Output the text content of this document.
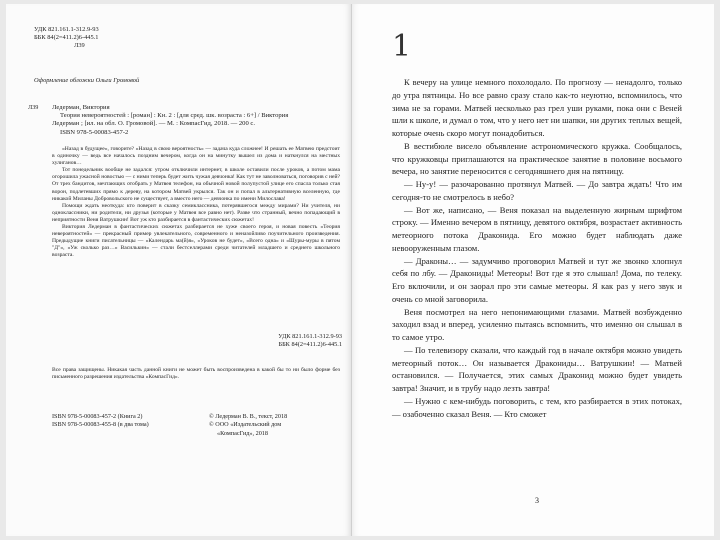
УДК 821.161.1-312.9-93
ББК 84(2=411.2)6-445.1
Л39
Оформление обложки Ольги Громовой
Л39 Ледерман, Виктория
Теория невероятностей : [роман] : Кн. 2 : [для сред. шк. возраста : 6+] / Виктория
Ледерман ; [ил. на обл. О. Громовой]. — М. : КомпасГид, 2018. — 200 с.
ISBN 978-5-00083-457-2

«Назад в будущее», говорите? «Назад в свою вероятность» — задача куда сложнее! И решать ее Матвею предстоит в одиночку — ведь все началось поздним вечером, когда он на минутку вышел из дома и наткнулся на местных хулиганов…

Тот понедельник вообще не задался: утром отключили интернет, в школе оставили после уроков, а потом мама огорошила ужасной новостью — с ними теперь будет жить чужая девчонка! Как тут не заволноваться, поговорив с ней? От трех бандитов, мечтающих отобрать у Матвея телефон, на обычной новой полупустой улице его спасла только стая ворон, подлетевших прямо к дереву, на котором Матвей укрылся. Так он и попал в альтернативную вселенную, где никакой Миланы Добровольского не существует, а вместо него — девчонка по имени Милослава!

Помощи ждать неоткуда: кто поверит в сказку семиклассника, потерявшегося между мирами? Ни учителя, ни одноклассники, ни родители, ни друзья (которые у Матвея все равно нет). Разве что странный, вечно попадающий в неприятности Веня Ватрушкин! Вот уж кто разбирается в фантастических сюжетах!

Виктория Ледерман в фантастических сюжетах разбирается не хуже своего героя, и новая повесть «Теория невероятностей» — прекрасный пример увлекательного, современного и неназойливо поучительного произведения. Предыдущие книги писательницы — «Календарь ма(й)я», «Уроков не будет», «Всего одна» и «Шуры-муры в пятом "Д"», «Уж сколько раз…» Василькин» — стали бестселлерами среди читателей младшего и среднего школьного возраста.

УДК 821.161.1-312.9-93
ББК 84(2=411.2)6-445.1
Все права защищены. Никакая часть данной книги не может быть воспроизведена в какой бы то ни было форме без письменного разрешения издательства «КомпасГид».
ISBN 978-5-00083-457-2 (Книга 2)
ISBN 978-5-00083-455-8 (в два тома)
© Ледерман В. В., текст, 2018
© ООО «Издательский дом
«КомпасГид», 2018
1

К вечеру на улице немного похолодало. По прогнозу — ненадолго, только до утра пятницы. Но все равно сразу стало как-то неуютно, вспомнилось, что зима не за горами. Матвей несколько раз грел уши руками, пока они с Веней шли к школе, и думал о том, что у него нет ни шапки, ни других теплых вещей, которые очень скоро могут понадобиться.

В вестибюле висело объявление астрономического кружка. Сообщалось, что кружковцы приглашаются на практическое занятие в половине восьмого вечера, но занятие переносится с сегодняшнего дня на пятницу.

— Ну-у! — разочарованно протянул Матвей. — До завтра ждать! Что им сегодня-то не смотрелось в небо?

— Вот же, написано, — Веня показал на выделенную жирным шрифтом строку. — Именно вечером в пятницу, девятого октября, возрастает активность метеорного потока Драконида. Его можно будет наблюдать даже невооруженным глазом.

— Драконы… — задумчиво проговорил Матвей и тут же звонко хлопнул себя по лбу. — Дракониды! Метеоры! Вот где я это слышал! Дома, по телеку. Его включили, и он заорал про эти самые метеоры. Я как раз у него звук и очень со мной заговорила.

Веня посмотрел на него непонимающими глазами. Матвей возбужденно заходил взад и вперед, усиленно пытаясь вспомнить, что именно он слышал в то самое утро.

— По телевизору сказали, что каждый год в начале октября можно увидеть метеорный поток… Он называется Дракониды… Ватрушкин! — Матвей остановился. — Получается, этих самых Драконид можно будет увидеть завтра! Значит, и в трубу надо лезть завтра!

— Нужно с кем-нибудь поговорить, с тем, кто разбирается в этих потоках, — озабоченно сказал Веня. — Кто сможет

3
